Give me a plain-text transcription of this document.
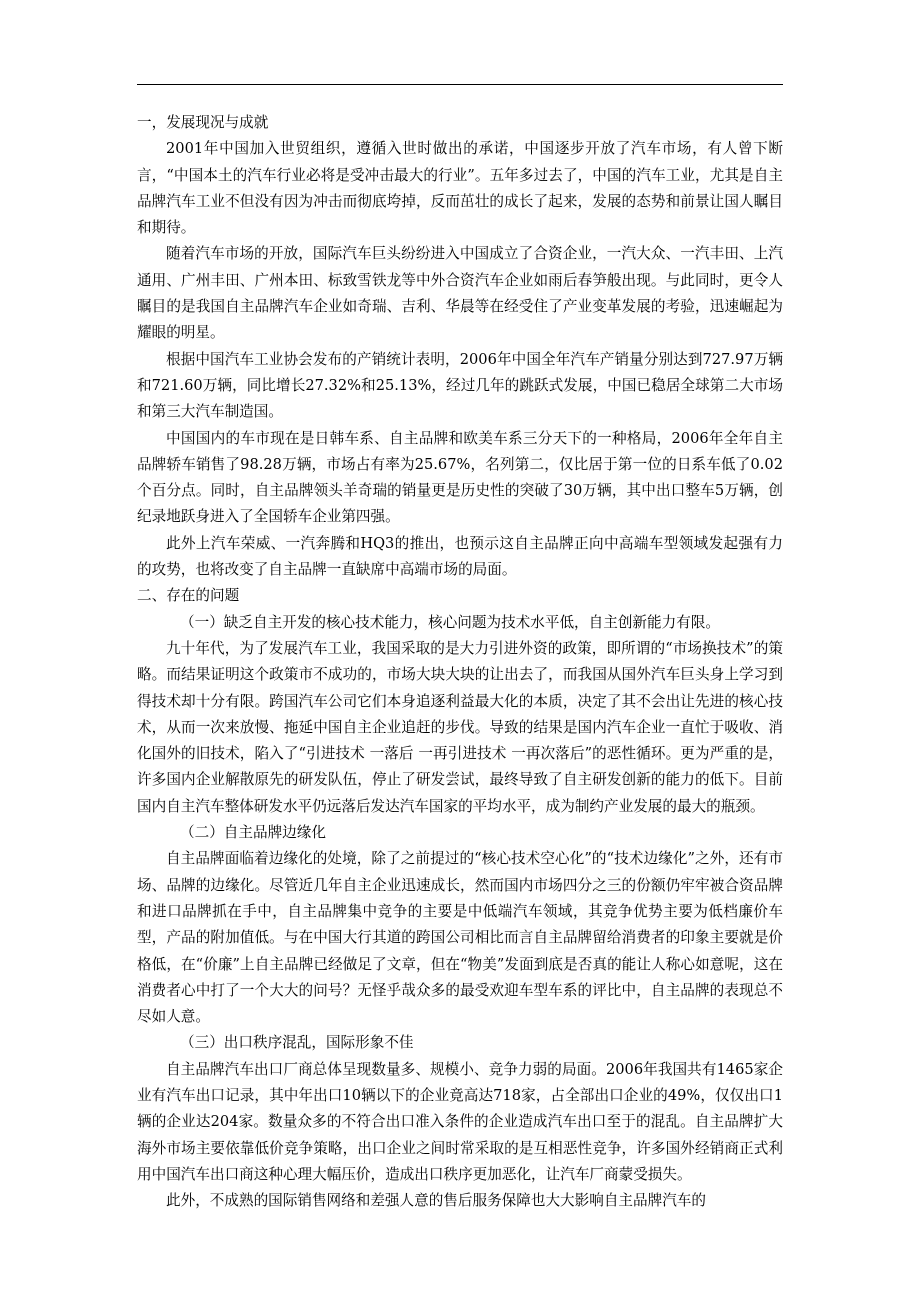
一，发展现况与成就

2001年中国加入世贸组织，遵循入世时做出的承诺，中国逐步开放了汽车市场，有人曾下断言，“中国本土的汽车行业必将是受冲击最大的行业”。五年多过去了，中国的汽车工业，尤其是自主品牌汽车工业不但没有因为冲击而彻底垮掉，反而茁壮的成长了起来，发展的态势和前景让国人瞩目和期待。

随着汽车市场的开放，国际汽车巨头纷纷进入中国成立了合资企业，一汽大众、一汽丰田、上汽通用、广州丰田、广州本田、标致雪铁龙等中外合资汽车企业如雨后春笋般出现。与此同时，更令人瞩目的是我国自主品牌汽车企业如奇瑞、吉利、华晨等在经受住了产业变革发展的考验，迅速崛起为耀眼的明星。

根据中国汽车工业协会发布的产销统计表明，2006年中国全年汽车产销量分别达到727.97万辆和721.60万辆，同比增长27.32%和25.13%，经过几年的跳跃式发展，中国已稳居全球第二大市场和第三大汽车制造国。

中国国内的车市现在是日韩车系、自主品牌和欧美车系三分天下的一种格局，2006年全年自主品牌轿车销售了98.28万辆，市场占有率为25.67%，名列第二，仅比居于第一位的日系车低了0.02个百分点。同时，自主品牌领头羊奇瑞的销量更是历史性的突破了30万辆，其中出口整车5万辆，创纪录地跃身进入了全国轿车企业第四强。

此外上汽车荣威、一汽奔腾和HQ3的推出，也预示这自主品牌正向中高端车型领域发起强有力的攻势，也将改变了自主品牌一直缺席中高端市场的局面。

二、存在的问题

（一）缺乏自主开发的核心技术能力，核心问题为技术水平低，自主创新能力有限。

九十年代，为了发展汽车工业，我国采取的是大力引进外资的政策，即所谓的“市场换技术”的策略。而结果证明这个政策市不成功的，市场大块大块的让出去了，而我国从国外汽车巨头身上学习到得技术却十分有限。跨国汽车公司它们本身追逐利益最大化的本质，决定了其不会出让先进的核心技术，从而一次来放慢、拖延中国自主企业追赶的步伐。导致的结果是国内汽车企业一直忙于吸收、消化国外的旧技术，陷入了“引进技术 一落后 一再引进技术 一再次落后”的恶性循环。更为严重的是，许多国内企业解散原先的研发队伍，停止了研发尝试，最终导致了自主研发创新的能力的低下。目前国内自主汽车整体研发水平仍远落后发达汽车国家的平均水平，成为制约产业发展的最大的瓶颈。

（二）自主品牌边缘化

自主品牌面临着边缘化的处境，除了之前提过的“核心技术空心化”的“技术边缘化”之外，还有市场、品牌的边缘化。尽管近几年自主企业迅速成长，然而国内市场四分之三的份额仍牢牢被合资品牌和进口品牌抓在手中，自主品牌集中竞争的主要是中低端汽车领域，其竞争优势主要为低档廉价车型，产品的附加值低。与在中国大行其道的跨国公司相比而言自主品牌留给消费者的印象主要就是价格低，在“价廉”上自主品牌已经做足了文章，但在“物美”发面到底是否真的能让人称心如意呢，这在消费者心中打了一个大大的问号？无怪乎哉众多的最受欢迎车型车系的评比中，自主品牌的表现总不尽如人意。

（三）出口秩序混乱，国际形象不佳

自主品牌汽车出口厂商总体呈现数量多、规模小、竞争力弱的局面。2006年我国共有1465家企业有汽车出口记录，其中年出口10辆以下的企业竟高达718家，占全部出口企业的49%，仅仅出口1辆的企业达204家。数量众多的不符合出口准入条件的企业造成汽车出口至于的混乱。自主品牌扩大海外市场主要依靠低价竞争策略，出口企业之间时常采取的是互相恶性竞争，许多国外经销商正式利用中国汽车出口商这种心理大幅压价，造成出口秩序更加恶化，让汽车厂商蒙受损失。

此外，不成熟的国际销售网络和差强人意的售后服务保障也大大影响自主品牌汽车的
